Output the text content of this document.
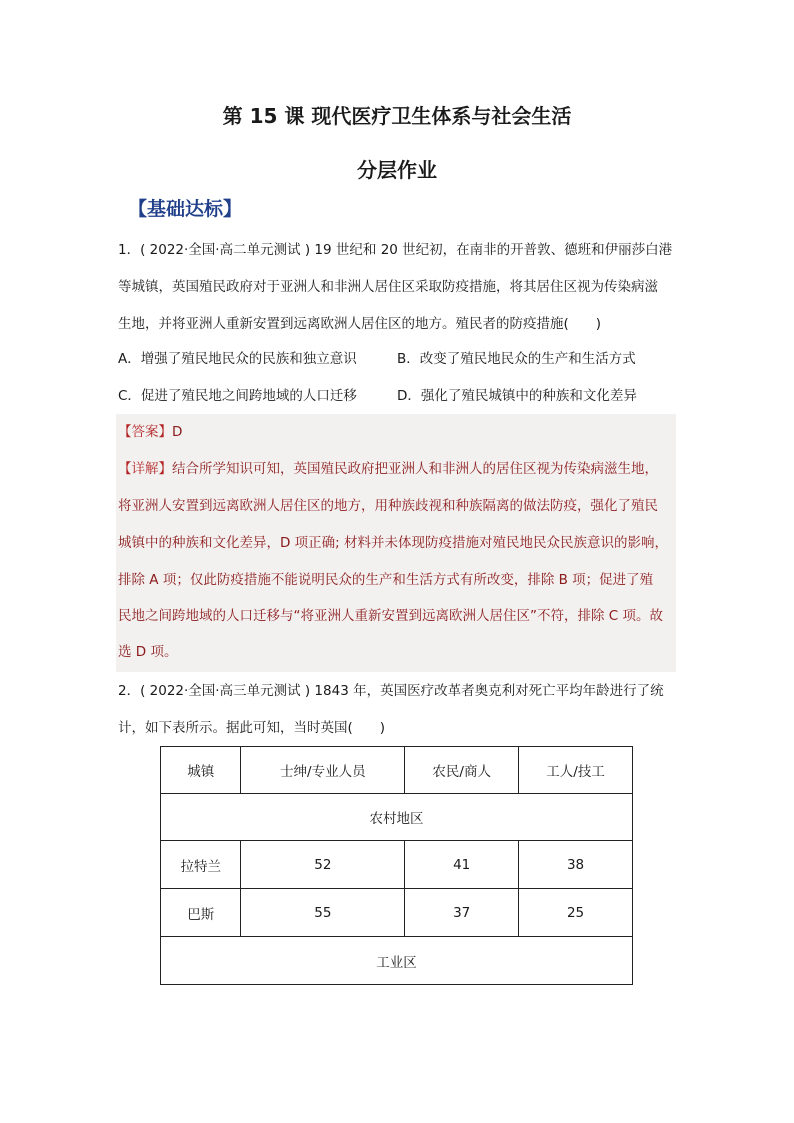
第 15 课 现代医疗卫生体系与社会生活
分层作业
【基础达标】
1．( 2022·全国·高二单元测试 ) 19 世纪和 20 世纪初，在南非的开普敦、德班和伊丽莎白港
等城镇，英国殖民政府对于亚洲人和非洲人居住区采取防疫措施，将其居住区视为传染病滋
生地，并将亚洲人重新安置到远离欧洲人居住区的地方。殖民者的防疫措施(　　)
A．增强了殖民地民众的民族和独立意识	B．改变了殖民地民众的生产和生活方式
C．促进了殖民地之间跨地域的人口迁移	D．强化了殖民城镇中的种族和文化差异
【答案】D
【详解】结合所学知识可知，英国殖民政府把亚洲人和非洲人的居住区视为传染病滋生地，
将亚洲人安置到远离欧洲人居住区的地方，用种族歧视和种族隔离的做法防疫，强化了殖民
城镇中的种族和文化差异，D 项正确; 材料并未体现防疫措施对殖民地民众民族意识的影响，
排除 A 项；仅此防疫措施不能说明民众的生产和生活方式有所改变，排除 B 项；促进了殖
民地之间跨地域的人口迁移与“将亚洲人重新安置到远离欧洲人居住区”不符，排除 C 项。故
选 D 项。
2．( 2022·全国·高三单元测试 ) 1843 年，英国医疗改革者奥克利对死亡平均年龄进行了统
计，如下表所示。据此可知，当时英国(　　)
城镇	士绅/专业人员	农民/商人	工人/技工
农村地区			
拉特兰	52	41	38
巴斯	55	37	25
工业区			
